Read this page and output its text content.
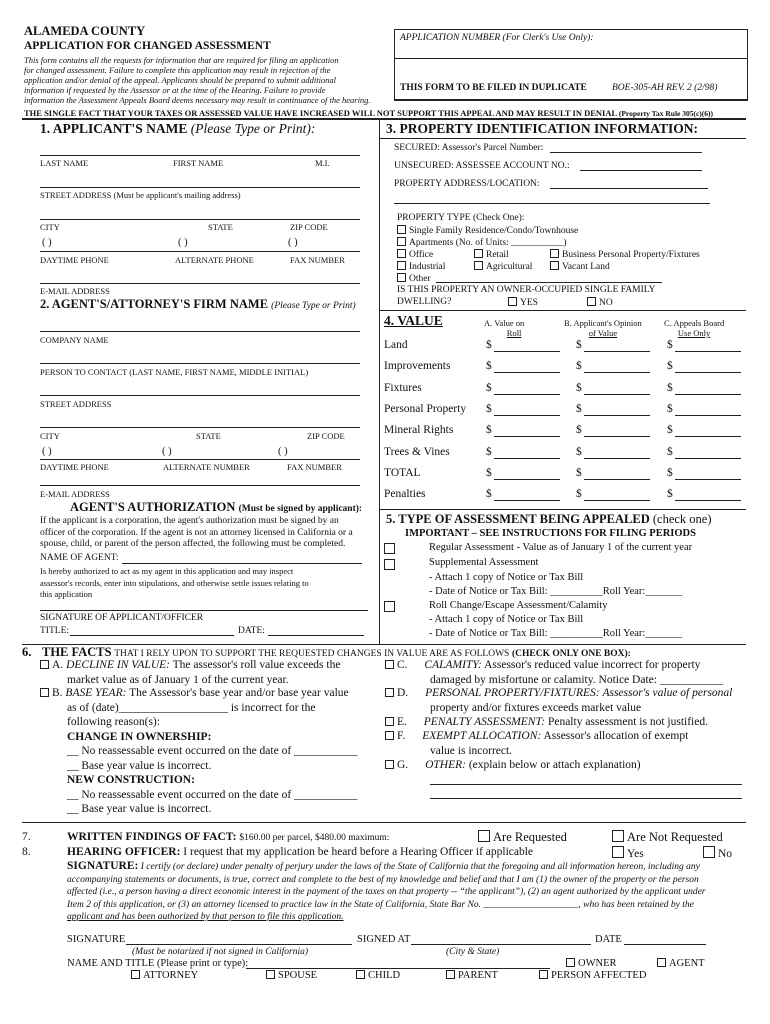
ALAMEDA COUNTY
APPLICATION FOR CHANGED ASSESSMENT
This form contains all the requests for information that are required for filing an application
for changed assessment. Failure to complete this application may result in rejection of the
application and/or denial of the appeal. Applicants should be prepared to submit additional
information if requested by the Assessor or at the time of the Hearing. Failure to provide
information the Assessment Appeals Board deems necessary may result in continuance of the hearing.
APPLICATION NUMBER (For Clerk's Use Only):
THIS FORM TO BE FILED IN DUPLICATE	BOE-305-AH REV. 2 (2/98)
THE SINGLE FACT THAT YOUR TAXES OR ASSESSED VALUE HAVE INCREASED WILL NOT SUPPORT THIS APPEAL AND MAY RESULT IN DENIAL (Property Tax Rule 305(c)(6))
1. APPLICANT'S NAME (Please Type or Print):
LAST NAME	FIRST NAME	M.I.
STREET ADDRESS (Must be applicant's mailing address)
CITY	STATE	ZIP CODE
( )	( )	( )
DAYTIME PHONE	ALTERNATE PHONE	FAX NUMBER
E-MAIL ADDRESS
2. AGENT'S/ATTORNEY'S FIRM NAME (Please Type or Print)
COMPANY NAME
PERSON TO CONTACT (LAST NAME, FIRST NAME, MIDDLE INITIAL)
STREET ADDRESS
CITY	STATE	ZIP CODE
( )	( )	( )
DAYTIME PHONE	ALTERNATE NUMBER	FAX NUMBER
E-MAIL ADDRESS
AGENT'S AUTHORIZATION (Must be signed by applicant):
If the applicant is a corporation, the agent's authorization must be signed by an
officer of the corporation. If the agent is not an attorney licensed in California or a
spouse, child, or parent of the person affected, the following must be completed.
NAME OF AGENT:
Is hereby authorized to act as my agent in this application and may inspect
assessor's records, enter into stipulations, and otherwise settle issues relating to
this application
SIGNATURE OF APPLICANT/OFFICER
TITLE:	DATE:
3. PROPERTY IDENTIFICATION INFORMATION:
SECURED: Assessor's Parcel Number:
UNSECURED: ASSESSEE ACCOUNT NO.:
PROPERTY ADDRESS/LOCATION:
PROPERTY TYPE (Check One):
Single Family Residence/Condo/Townhouse
Apartments (No. of Units: ___________)
Office	Retail	Business Personal Property/Fixtures
Industrial	Agricultural	Vacant Land
Other
IS THIS PROPERTY AN OWNER-OCCUPIED SINGLE FAMILY
DWELLING?	YES	NO
4. VALUE	A. Value on
Roll
B. Applicant's Opinion
of Value
C. Appeals Board
Use Only
Land	$	$	$
Improvements	$	$	$
Fixtures	$	$	$
Personal Property $	$	$
Mineral Rights	$	$	$
Trees & Vines	$	$	$
TOTAL	$	$	$
Penalties	$	$	$
5. TYPE OF ASSESSMENT BEING APPEALED (check one)
IMPORTANT – SEE INSTRUCTIONS FOR FILING PERIODS
Regular Assessment - Value as of January 1 of the current year
Supplemental Assessment
- Attach 1 copy of Notice or Tax Bill
- Date of Notice or Tax Bill: __________Roll Year:_______
Roll Change/Escape Assessment/Calamity
- Attach 1 copy of Notice or Tax Bill
- Date of Notice or Tax Bill: __________Roll Year:_______
6. THE FACTS THAT I RELY UPON TO SUPPORT THE REQUESTED CHANGES IN VALUE ARE AS FOLLOWS (CHECK ONLY ONE BOX):
A. DECLINE IN VALUE: The assessor's roll value exceeds the
market value as of January 1 of the current year.
B. BASE YEAR: The Assessor's base year and/or base year value
as of (date)___________________ is incorrect for the
following reason(s):
CHANGE IN OWNERSHIP:
__ No reassessable event occurred on the date of ___________
__ Base year value is incorrect.
NEW CONSTRUCTION:
__ No reassessable event occurred on the date of ___________
__ Base year value is incorrect.
C. CALAMITY: Assessor's reduced value incorrect for property
damaged by misfortune or calamity. Notice Date: ___________
D. PERSONAL PROPERTY/FIXTURES: Assessor's value of personal
property and/or fixtures exceeds market value
E. PENALTY ASSESSMENT: Penalty assessment is not justified.
F. EXEMPT ALLOCATION: Assessor's allocation of exempt
value is incorrect.
G. OTHER: (explain below or attach explanation)
7.	WRITTEN FINDINGS OF FACT: $160.00 per parcel, $480.00 maximum:	Are Requested	Are Not Requested
8.	HEARING OFFICER: I request that my application be heard before a Hearing Officer if applicable	Yes	No
SIGNATURE: I certify (or declare) under penalty of perjury under the laws of the State of California that the foregoing and all information hereon, including any
accompanying statements or documents, is true, correct and complete to the best of my knowledge and belief and that I am (1) the owner of the property or the person
affected (i.e., a person having a direct economic interest in the payment of the taxes on that property -- “the applicant”), (2) an agent authorized by the applicant under
Item 2 of this application, or (3) an attorney licensed to practice law in the State of California, State Bar No. ____________________, who has been retained by the
applicant and has been authorized by that person to file this application.
SIGNATURE	SIGNED AT	DATE
(Must be notarized if not signed in California)	(City & State)
NAME AND TITLE (Please print or type):	OWNER	AGENT
ATTORNEY	SPOUSE	CHILD	PARENT	PERSON AFFECTED
